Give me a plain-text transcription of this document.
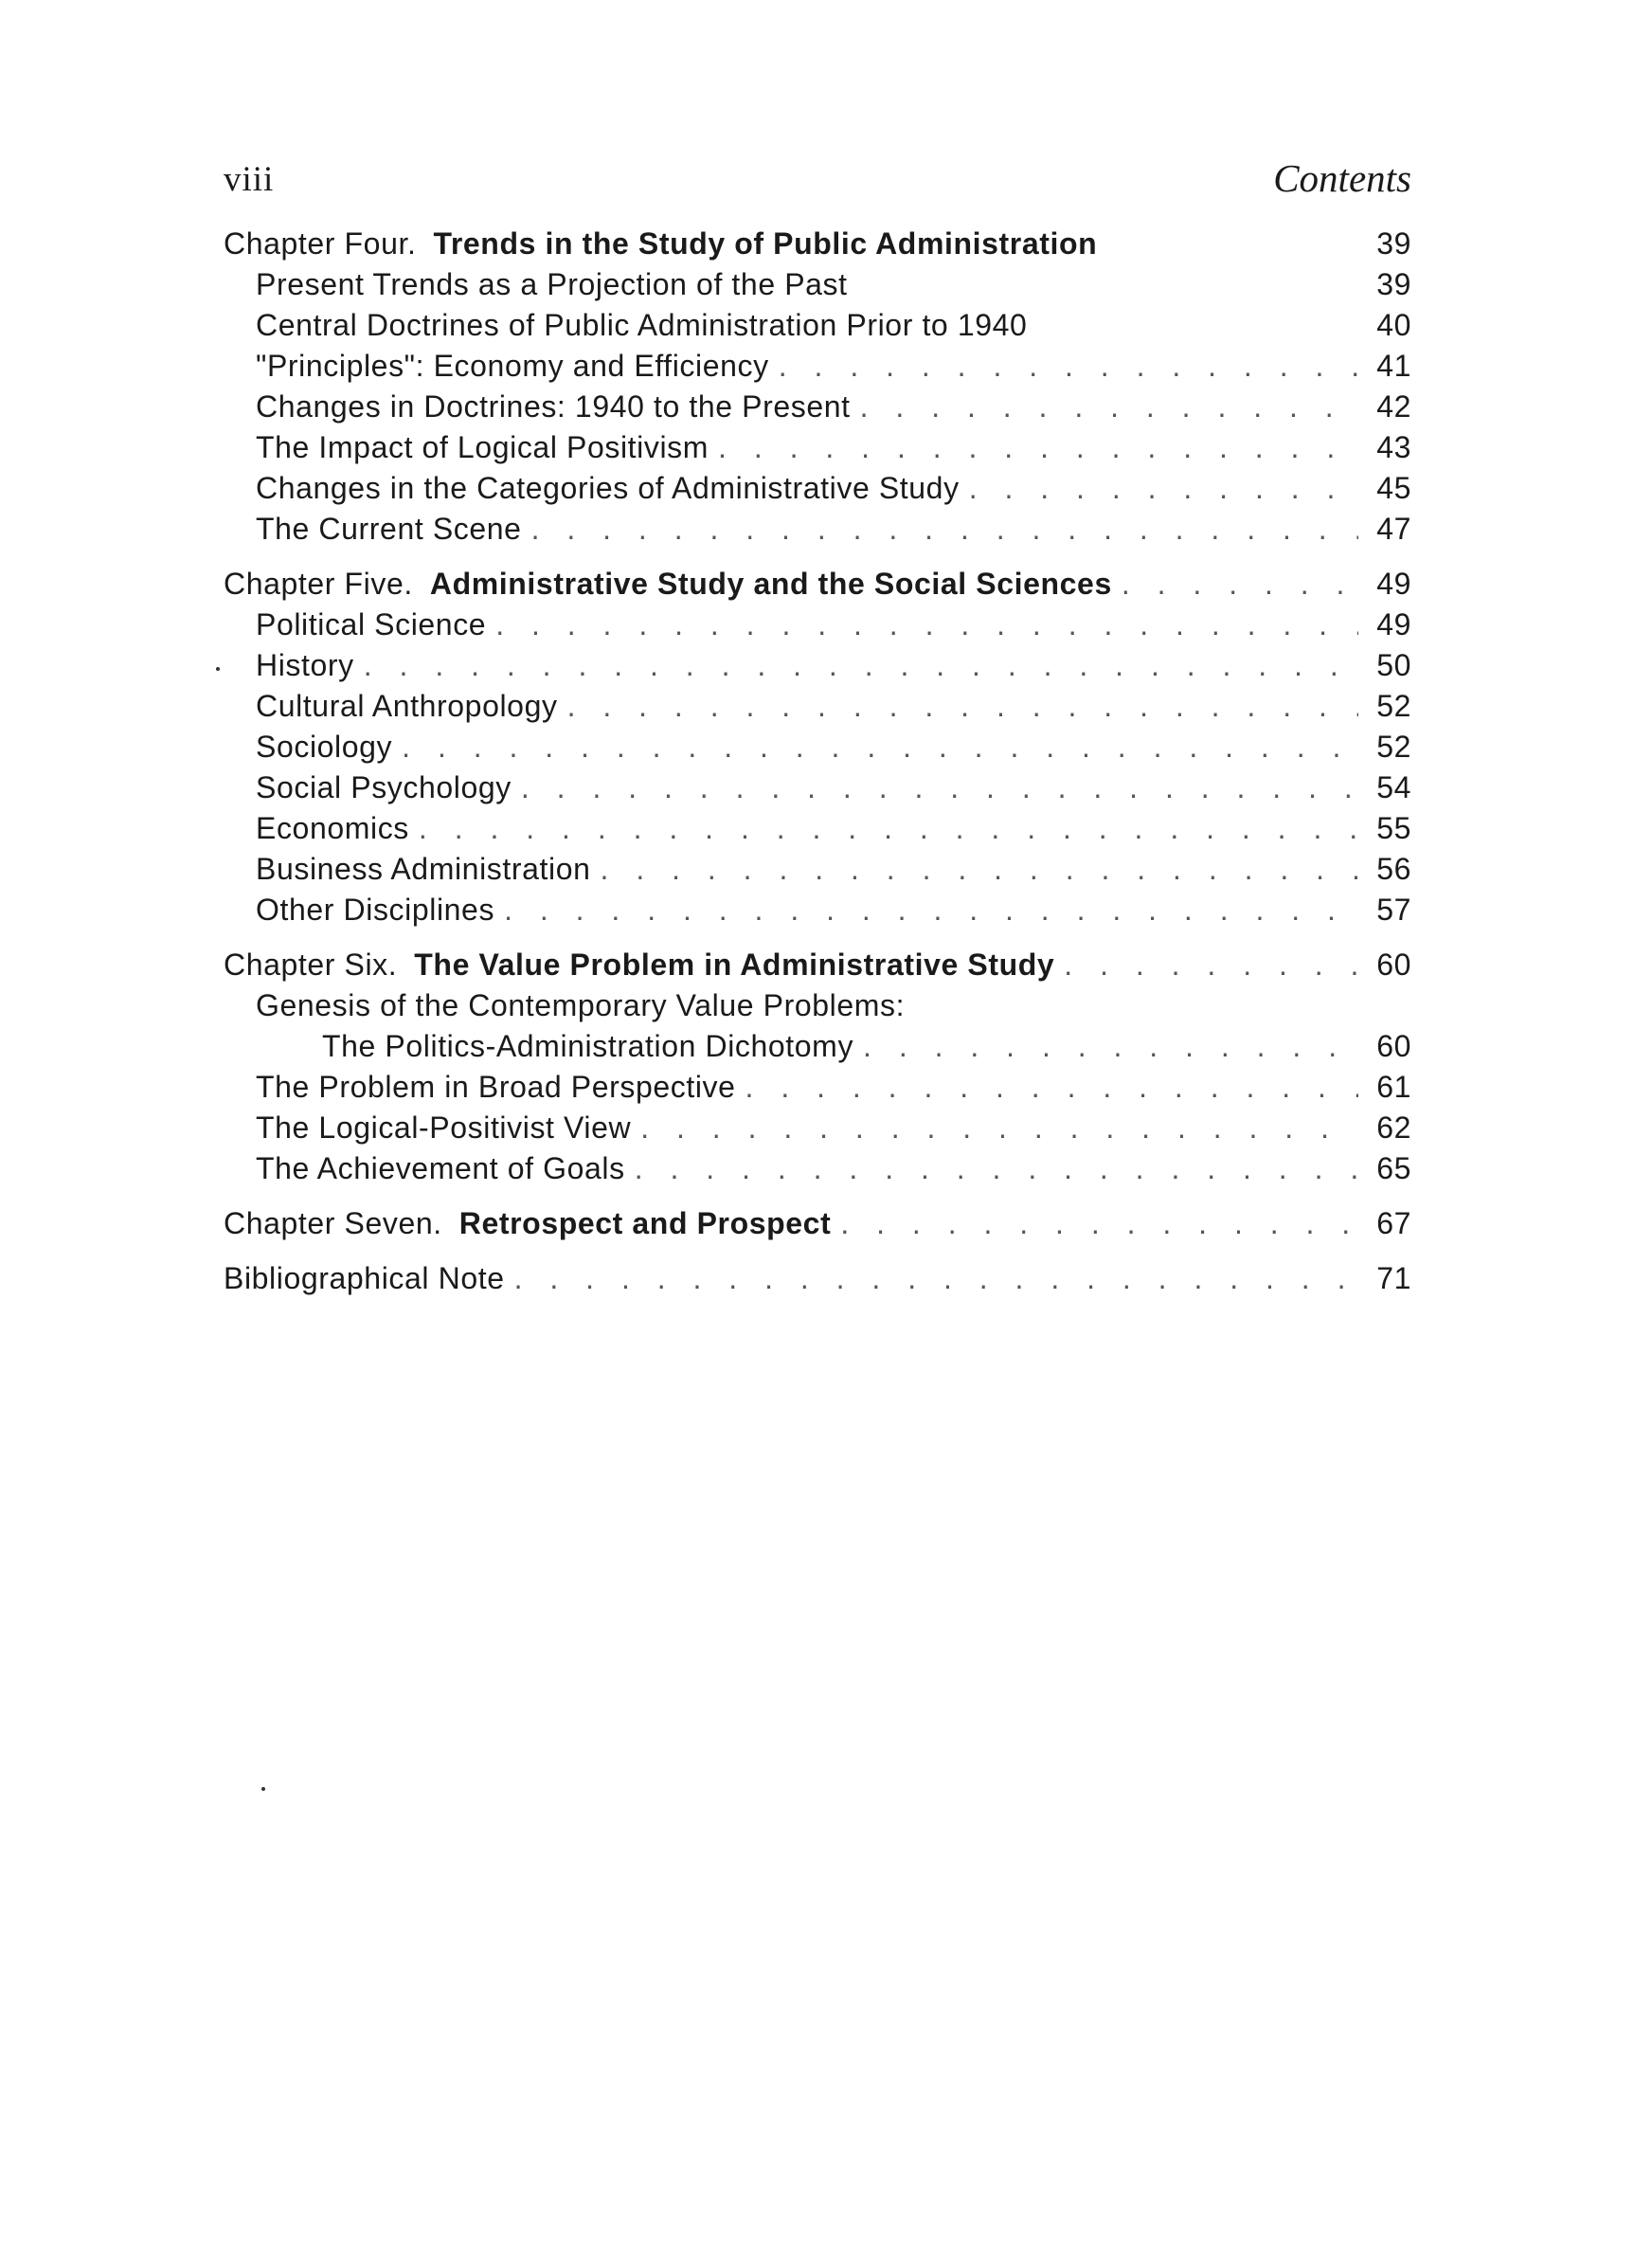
viii	Contents
Chapter Four. Trends in the Study of Public Administration	39
Present Trends as a Projection of the Past	39
Central Doctrines of Public Administration Prior to 1940	40
"Principles": Economy and Efficiency . . .	41
Changes in Doctrines: 1940 to the Present . . .	42
The Impact of Logical Positivism . . .	43
Changes in the Categories of Administrative Study . . .	45
The Current Scene . . .	47
Chapter Five. Administrative Study and the Social Sciences . . .	49
Political Science . . .	49
History . . .	50
Cultural Anthropology . . .	52
Sociology . . .	52
Social Psychology . . .	54
Economics . . .	55
Business Administration . . .	56
Other Disciplines . . .	57
Chapter Six. The Value Problem in Administrative Study . . .	60
Genesis of the Contemporary Value Problems:
The Politics-Administration Dichotomy . . .	60
The Problem in Broad Perspective . . .	61
The Logical-Positivist View . . .	62
The Achievement of Goals . . .	65
Chapter Seven. Retrospect and Prospect . . .	67
Bibliographical Note . . .	71
